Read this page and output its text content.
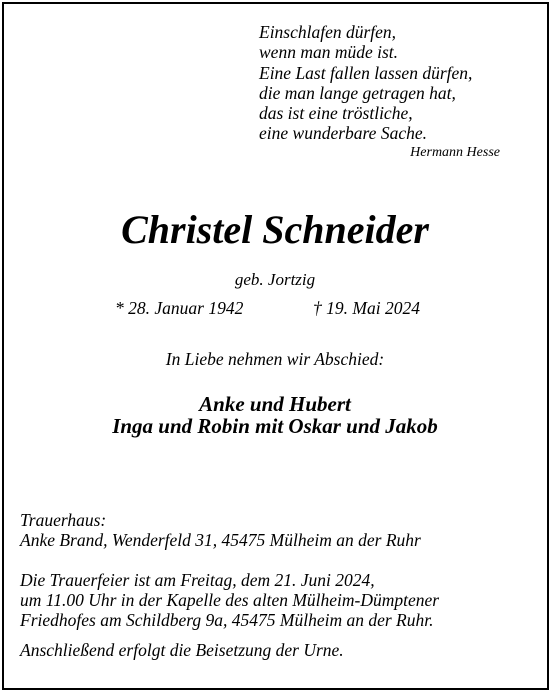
Einschlafen dürfen,
wenn man müde ist.
Eine Last fallen lassen dürfen,
die man lange getragen hat,
das ist eine tröstliche,
eine wunderbare Sache.
Hermann Hesse
Christel Schneider
geb. Jortzig
* 28. Januar 1942	† 19. Mai 2024
In Liebe nehmen wir Abschied:
Anke und Hubert
Inga und Robin mit Oskar und Jakob
Trauerhaus:
Anke Brand, Wenderfeld 31, 45475 Mülheim an der Ruhr
Die Trauerfeier ist am Freitag, dem 21. Juni 2024,
um 11.00 Uhr in der Kapelle des alten Mülheim-Dümptener
Friedhofes am Schildberg 9a, 45475 Mülheim an der Ruhr.
Anschließend erfolgt die Beisetzung der Urne.
